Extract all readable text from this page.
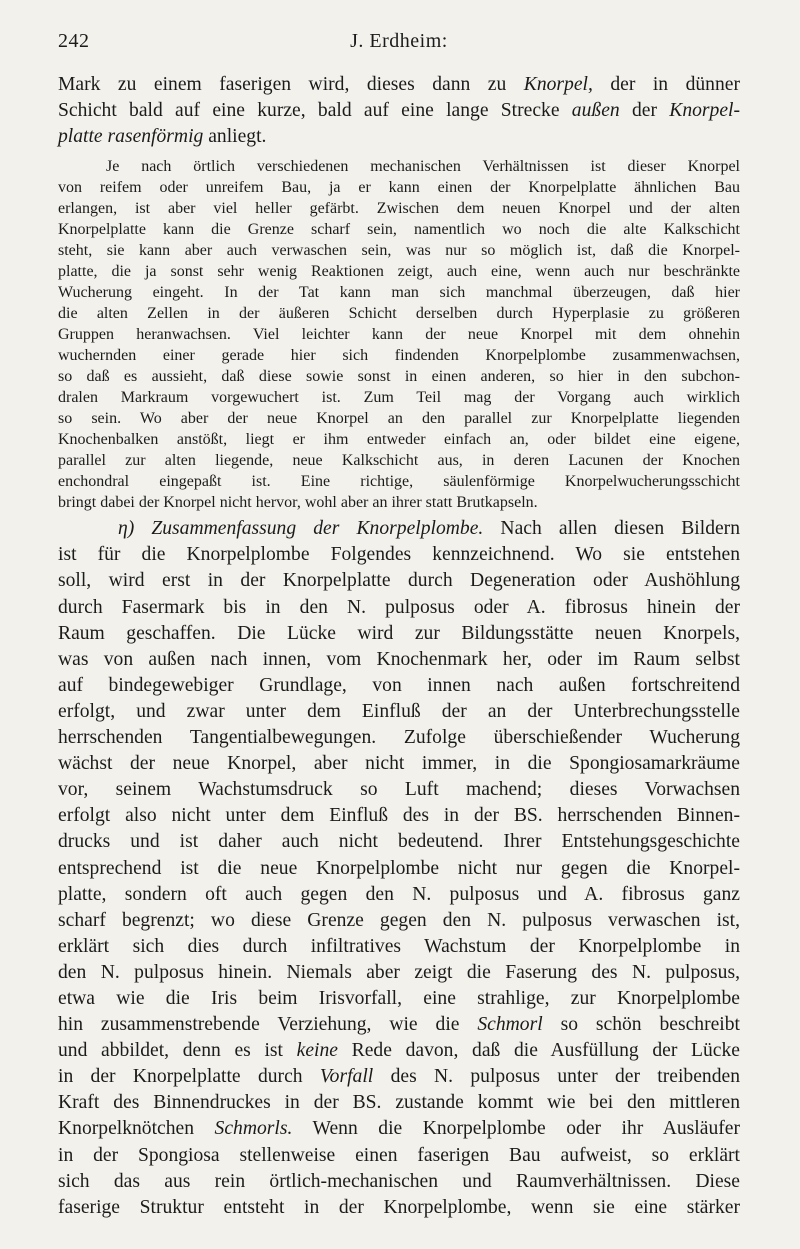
242	J. Erdheim:

Mark zu einem faserigen wird, dieses dann zu Knorpel, der in dünner
Schicht bald auf eine kurze, bald auf eine lange Strecke außen der Knorpel-
platte rasenförmig anliegt.

Je nach örtlich verschiedenen mechanischen Verhältnissen ist dieser Knorpel
von reifem oder unreifem Bau, ja er kann einen der Knorpelplatte ähnlichen Bau
erlangen, ist aber viel heller gefärbt. Zwischen dem neuen Knorpel und der alten
Knorpelplatte kann die Grenze scharf sein, namentlich wo noch die alte Kalkschicht
steht, sie kann aber auch verwaschen sein, was nur so möglich ist, daß die Knorpel-
platte, die ja sonst sehr wenig Reaktionen zeigt, auch eine, wenn auch nur beschränkte
Wucherung eingeht. In der Tat kann man sich manchmal überzeugen, daß hier
die alten Zellen in der äußeren Schicht derselben durch Hyperplasie zu größeren
Gruppen heranwachsen. Viel leichter kann der neue Knorpel mit dem ohnehin
wuchernden einer gerade hier sich findenden Knorpelplombe zusammenwachsen,
so daß es aussieht, daß diese sowie sonst in einen anderen, so hier in den subchon-
dralen Markraum vorgewuchert ist. Zum Teil mag der Vorgang auch wirklich
so sein. Wo aber der neue Knorpel an den parallel zur Knorpelplatte liegenden
Knochenbalken anstößt, liegt er ihm entweder einfach an, oder bildet eine eigene,
parallel zur alten liegende, neue Kalkschicht aus, in deren Lacunen der Knochen
enchondral eingepaßt ist. Eine richtige, säulenförmige Knorpelwucherungsschicht
bringt dabei der Knorpel nicht hervor, wohl aber an ihrer statt Brutkapseln.

η) Zusammenfassung der Knorpelplombe. Nach allen diesen Bildern
ist für die Knorpelplombe Folgendes kennzeichnend. Wo sie entstehen
soll, wird erst in der Knorpelplatte durch Degeneration oder Aushöhlung
durch Fasermark bis in den N. pulposus oder A. fibrosus hinein der
Raum geschaffen. Die Lücke wird zur Bildungsstätte neuen Knorpels,
was von außen nach innen, vom Knochenmark her, oder im Raum selbst
auf bindegewebiger Grundlage, von innen nach außen fortschreitend
erfolgt, und zwar unter dem Einfluß der an der Unterbrechungsstelle
herrschenden Tangentialbewegungen. Zufolge überschießender Wucherung
wächst der neue Knorpel, aber nicht immer, in die Spongiosamarkräume
vor, seinem Wachstumsdruck so Luft machend; dieses Vorwachsen
erfolgt also nicht unter dem Einfluß des in der BS. herrschenden Binnen-
drucks und ist daher auch nicht bedeutend. Ihrer Entstehungsgeschichte
entsprechend ist die neue Knorpelplombe nicht nur gegen die Knorpel-
platte, sondern oft auch gegen den N. pulposus und A. fibrosus ganz
scharf begrenzt; wo diese Grenze gegen den N. pulposus verwaschen ist,
erklärt sich dies durch infiltratives Wachstum der Knorpelplombe in
den N. pulposus hinein. Niemals aber zeigt die Faserung des N. pulposus,
etwa wie die Iris beim Irisvorfall, eine strahlige, zur Knorpelplombe
hin zusammenstrebende Verziehung, wie die Schmorl so schön beschreibt
und abbildet, denn es ist keine Rede davon, daß die Ausfüllung der Lücke
in der Knorpelplatte durch Vorfall des N. pulposus unter der treibenden
Kraft des Binnendruckes in der BS. zustande kommt wie bei den mittleren
Knorpelknötchen Schmorls. Wenn die Knorpelplombe oder ihr Ausläufer
in der Spongiosa stellenweise einen faserigen Bau aufweist, so erklärt
sich das aus rein örtlich-mechanischen und Raumverhältnissen. Diese
faserige Struktur entsteht in der Knorpelplombe, wenn sie eine stärker
